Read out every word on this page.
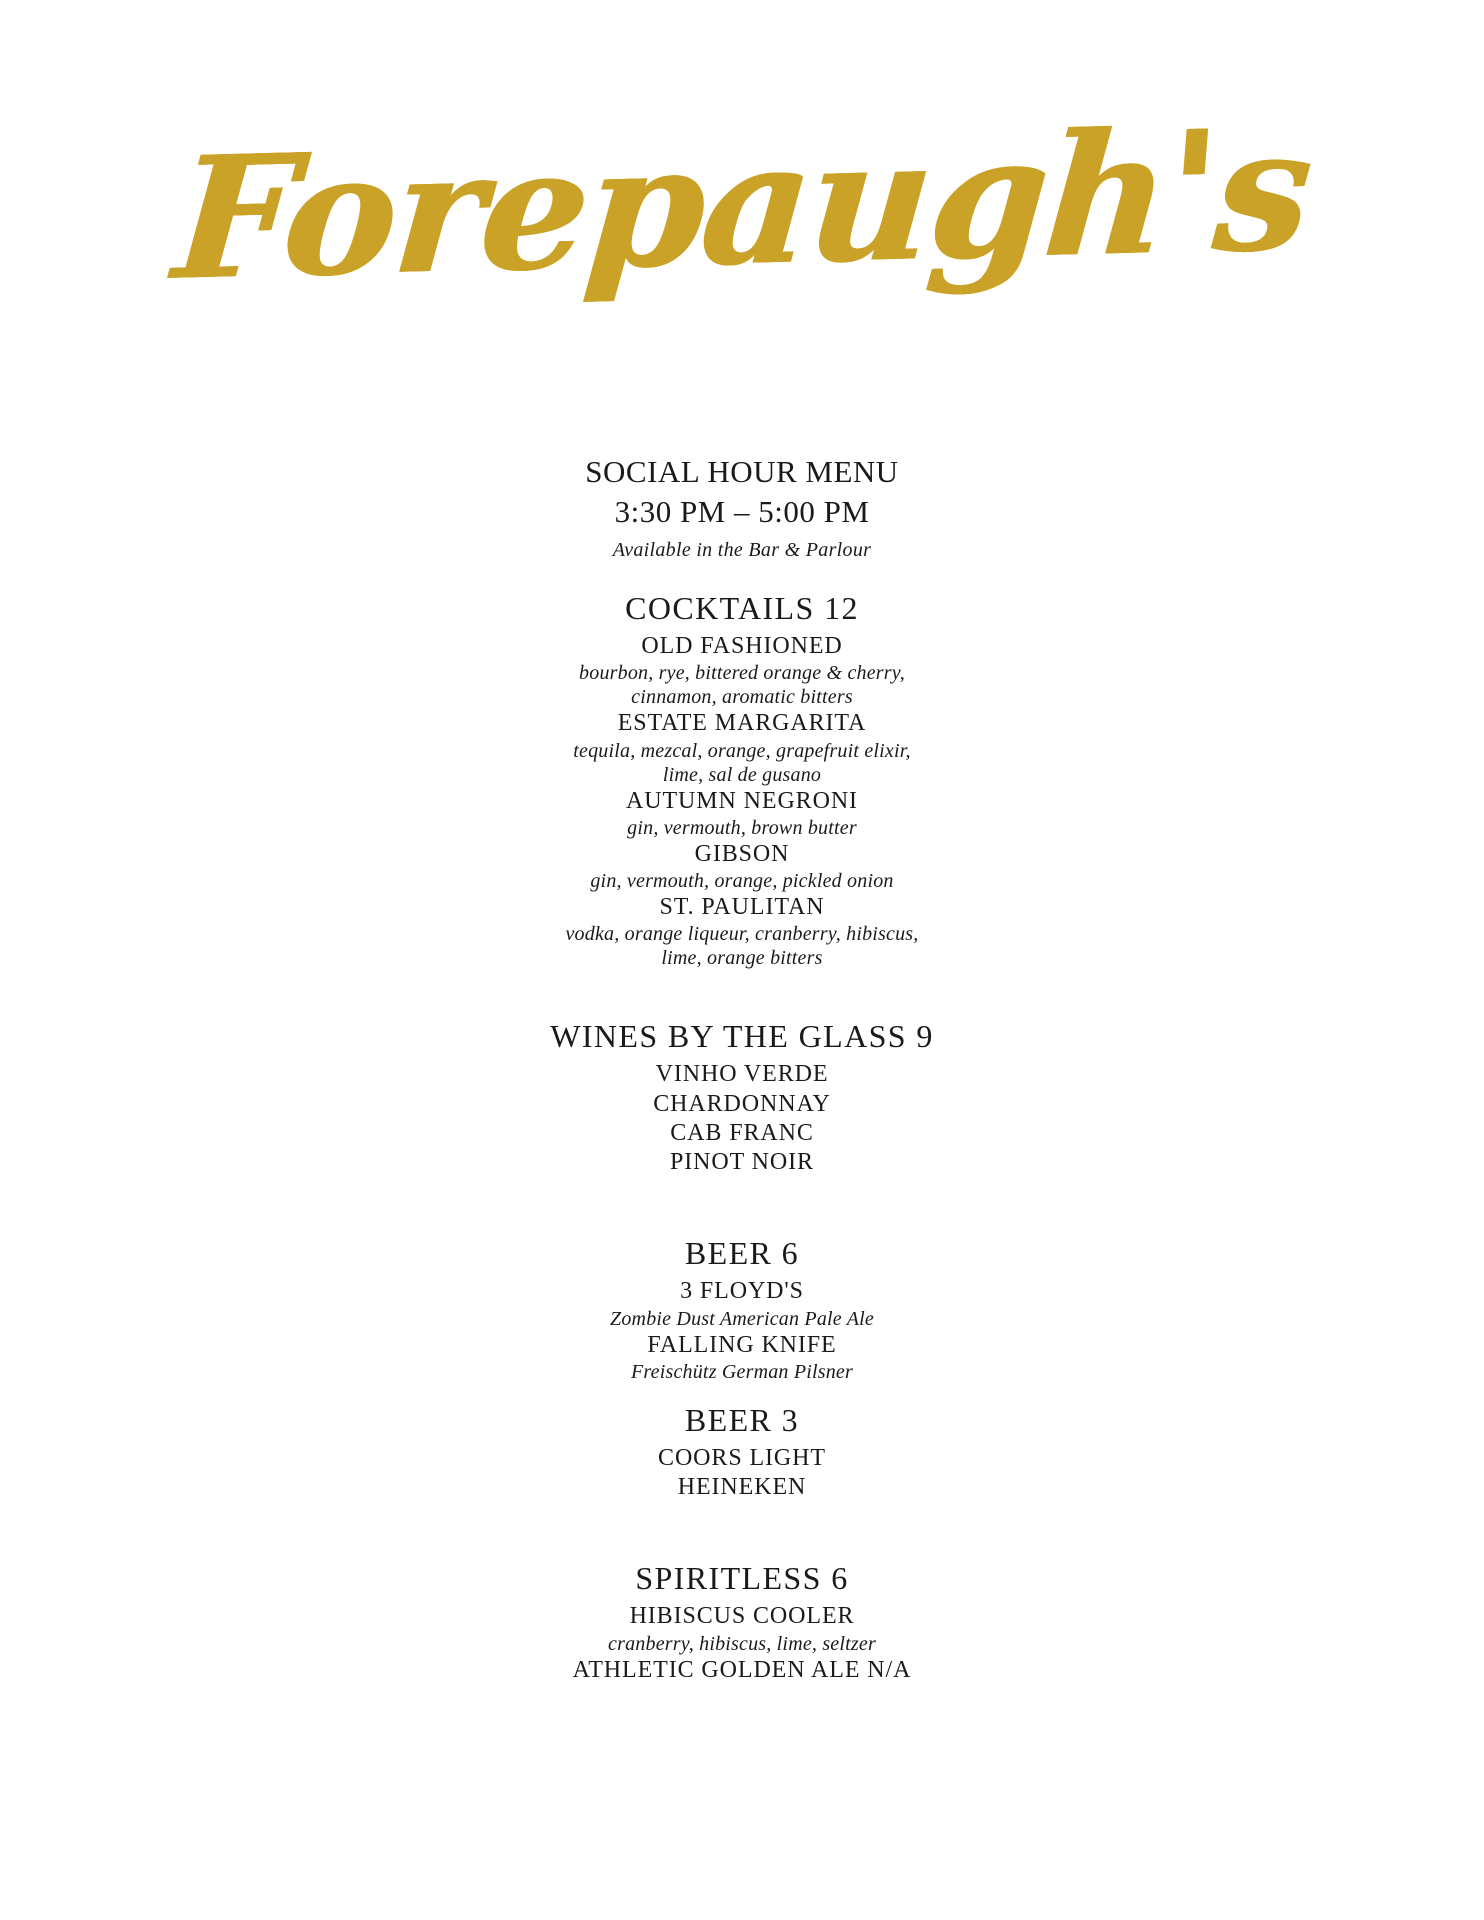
Forepaugh's
SOCIAL HOUR MENU
3:30 PM – 5:00 PM
Available in the Bar & Parlour
COCKTAILS 12
OLD FASHIONED
bourbon, rye, bittered orange & cherry,
cinnamon, aromatic bitters
ESTATE MARGARITA
tequila, mezcal, orange, grapefruit elixir,
lime, sal de gusano
AUTUMN NEGRONI
gin, vermouth, brown butter
GIBSON
gin, vermouth, orange, pickled onion
ST. PAULITAN
vodka, orange liqueur, cranberry, hibiscus,
lime, orange bitters
WINES BY THE GLASS 9
VINHO VERDE
CHARDONNAY
CAB FRANC
PINOT NOIR
BEER 6
3 FLOYD'S
Zombie Dust American Pale Ale
FALLING KNIFE
Freischütz German Pilsner
BEER 3
COORS LIGHT
HEINEKEN
SPIRITLESS 6
HIBISCUS COOLER
cranberry, hibiscus, lime, seltzer
ATHLETIC GOLDEN ALE N/A
